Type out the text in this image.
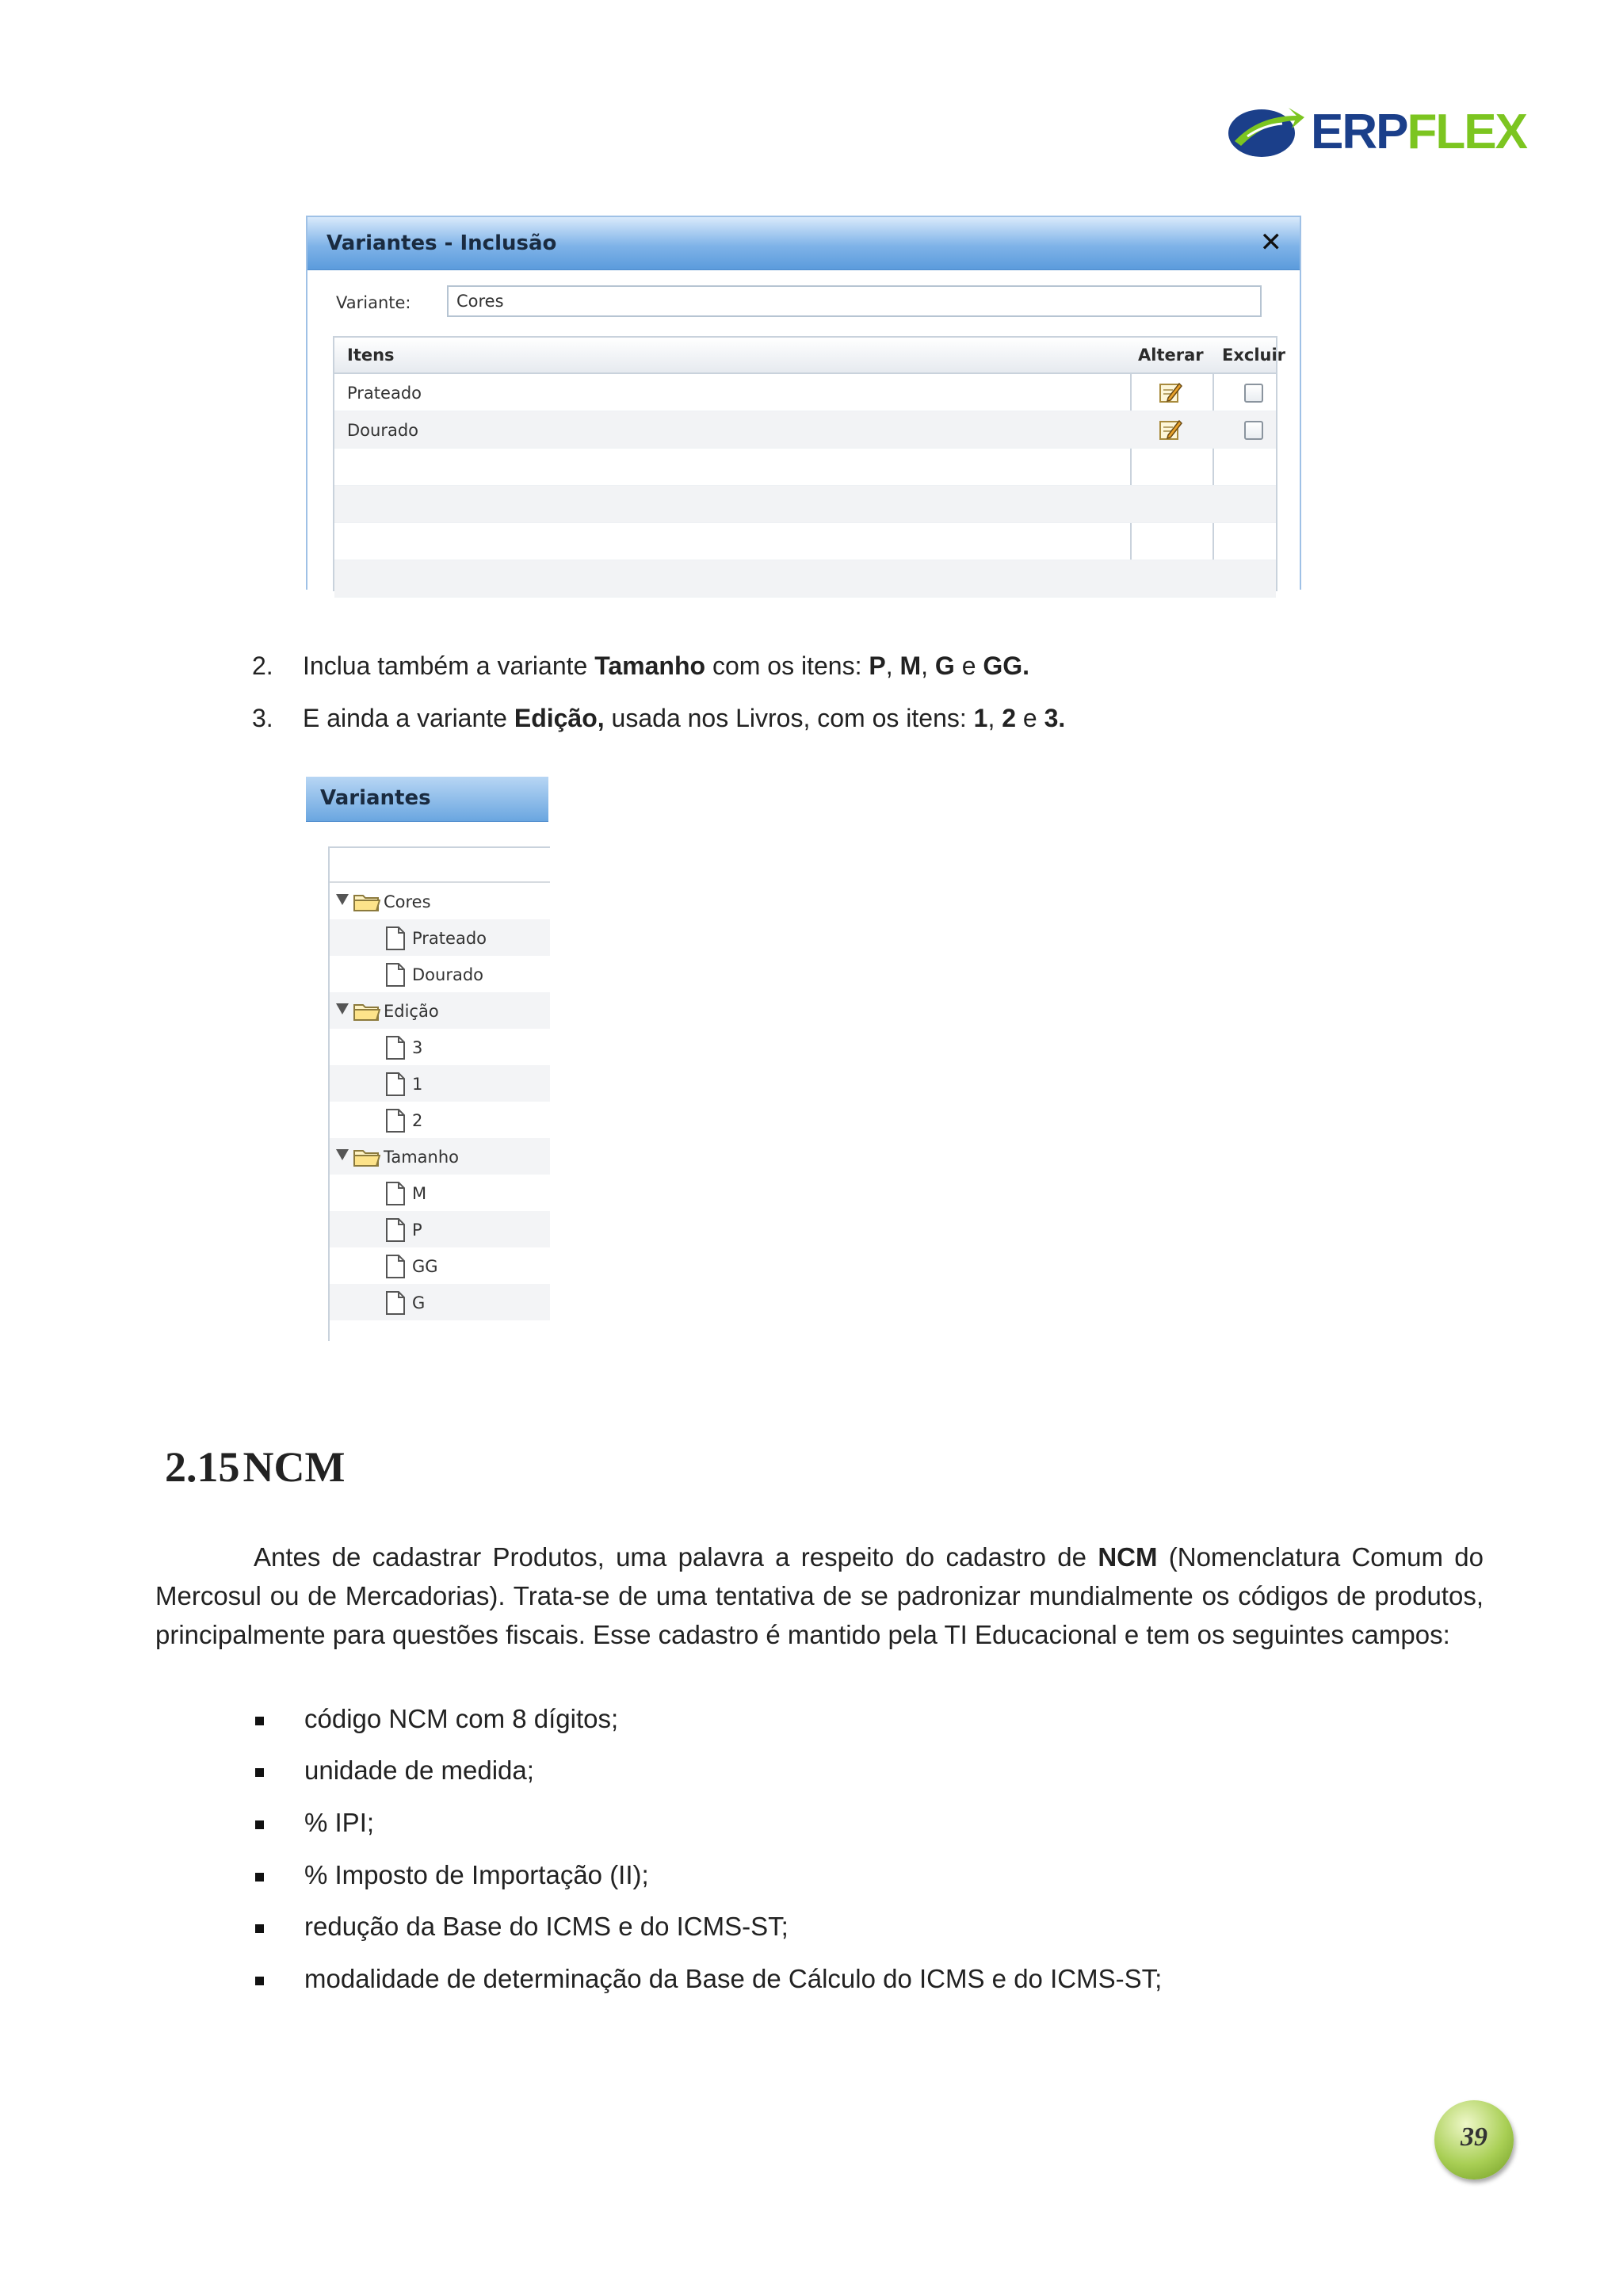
ERPFLEX
Variantes - Inclusão	✕
Variante:
Cores
Itens	Alterar Excluir
Prateado
Dourado
2.	Inclua também a variante Tamanho com os itens: P, M, G e GG.
3.	E ainda a variante Edição, usada nos Livros, com os itens: 1, 2 e 3.
Variantes
Cores
Prateado
Dourado
Edição
3
1
2
Tamanho
M
P
GG
G
2.15NCM
Antes de cadastrar Produtos, uma palavra a respeito do cadastro de NCM (Nomenclatura Comum do Mercosul ou de Mercadorias). Trata-se de uma tentativa de se padronizar mundialmente os códigos de produtos, principalmente para questões fiscais. Esse cadastro é mantido pela TI Educacional e tem os seguintes campos:
código NCM com 8 dígitos;
unidade de medida;
% IPI;
% Imposto de Importação (II);
redução da Base do ICMS e do ICMS-ST;
modalidade de determinação da Base de Cálculo do ICMS e do ICMS-ST;
39
